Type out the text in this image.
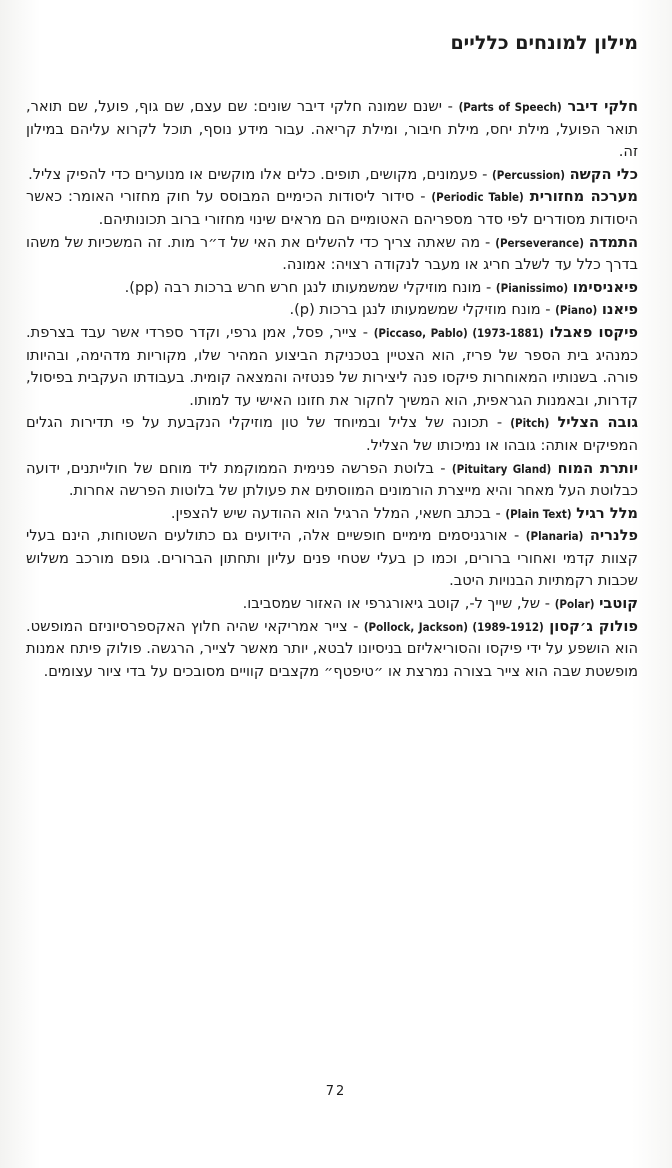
מילון למונחים כלליים

חלקי דיבר (Parts of Speech) - ישנם שמונה חלקי דיבר שונים: שם עצם, שם גוף, פועל, שם תואר, תואר הפועל, מילת יחס, מילת חיבור, ומילת קריאה. עבור מידע נוסף, תוכל לקרוא עליהם במילון זה.

כלי הקשה (Percussion) - פעמונים, מקושים, תופים. כלים אלו מוקשים או מנוערים כדי להפיק צליל.

מערכה מחזורית (Periodic Table) - סידור ליסודות הכימיים המבוסס על חוק מחזורי האומר: כאשר היסודות מסודרים לפי סדר מספריהם האטומיים הם מראים שינוי מחזורי ברוב תכונותיהם.

התמדה (Perseverance) - מה שאתה צריך כדי להשלים את האי של ד״ר מות. זה המשכיות של משהו בדרך כלל עד לשלב חריג או מעבר לנקודה רצויה: אמונה.

פיאניסימו (Pianissimo) - מונח מוזיקלי שמשמעותו לנגן חרש חרש ברכות רבה (pp).

פיאנו (Piano) - מונח מוזיקלי שמשמעותו לנגן ברכות (p).

פיקסו פאבלו (Piccaso, Pablo) (1973-1881) - צייר, פסל, אמן גרפי, וקדר ספרדי אשר עבד בצרפת. כמנהיג בית הספר של פריז, הוא הצטיין בטכניקת הביצוע המהיר שלו, מקוריות מדהימה, ובהיותו פורה. בשנותיו המאוחרות פיקסו פנה ליצירות של פנטזיה והמצאה קומית. בעבודתו העקבית בפיסול, קדרות, ובאמנות הגראפית, הוא המשיך לחקור את חזונו האישי עד למותו.

גובה הצליל (Pitch) - תכונה של צליל ובמיוחד של טון מוזיקלי הנקבעת על פי תדירות הגלים המפיקים אותה: גובהו או נמיכותו של הצליל.

יותרת המוח (Pituitary Gland) - בלוטת הפרשה פנימית הממוקמת ליד מוחם של חולייתנים, ידועה כבלוטת העל מאחר והיא מייצרת הורמונים המווסתים את פעולתן של בלוטות הפרשה אחרות.

מלל רגיל (Plain Text) - בכתב חשאי, המלל הרגיל הוא ההודעה שיש להצפין.

פלנריה (Planaria) - אורגניסמים מימיים חופשיים אלה, הידועים גם כתולעים השטוחות, הינם בעלי קצוות קדמי ואחורי ברורים, וכמו כן בעלי שטחי פנים עליון ותחתון הברורים. גופם מורכב משלוש שכבות רקמתיות הבנויות היטב.

קוטבי (Polar) - של, שייך ל-, קוטב גיאורגרפי או האזור שמסביבו.

פולוק ג׳קסון (Pollock, Jackson) (1989-1912) - צייר אמריקאי שהיה חלוץ האקספרסיוניזם המופשט. הוא הושפע על ידי פיקסו והסוריאליזם בניסיונו לבטא, יותר מאשר לצייר, הרגשה. פולוק פיתח אמנות מופשטת שבה הוא צייר בצורה נמרצת או ״טיפטף״ מקצבים קוויים מסובכים על בדי ציור עצומים.

72
